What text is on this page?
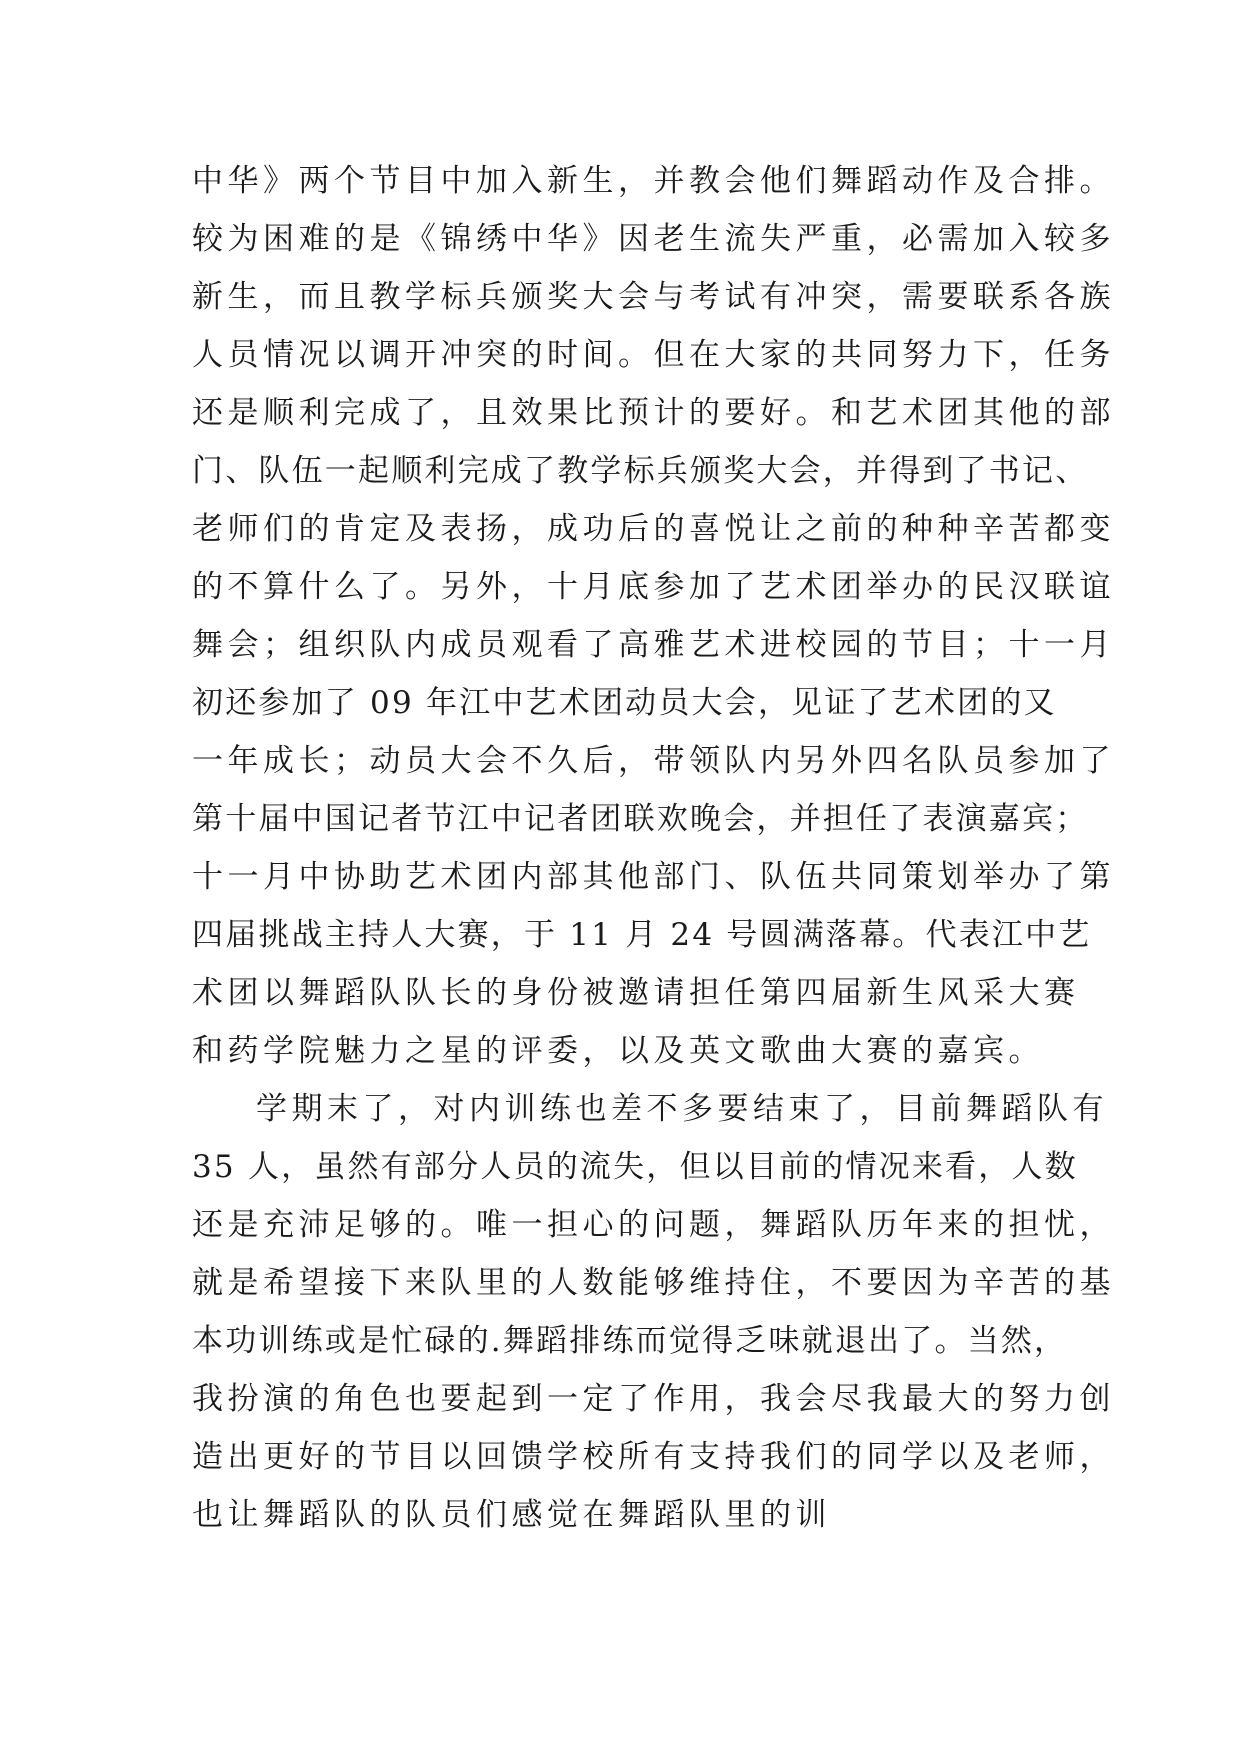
中华》两个节目中加入新生，并教会他们舞蹈动作及合排。
较为困难的是《锦绣中华》因老生流失严重，必需加入较多
新生，而且教学标兵颁奖大会与考试有冲突，需要联系各族
人员情况以调开冲突的时间。但在大家的共同努力下，任务
还是顺利完成了，且效果比预计的要好。和艺术团其他的部
门、队伍一起顺利完成了教学标兵颁奖大会，并得到了书记、
老师们的肯定及表扬，成功后的喜悦让之前的种种辛苦都变
的不算什么了。另外，十月底参加了艺术团举办的民汉联谊
舞会；组织队内成员观看了高雅艺术进校园的节目；十一月
初还参加了 09 年江中艺术团动员大会，见证了艺术团的又
一年成长；动员大会不久后，带领队内另外四名队员参加了
第十届中国记者节江中记者团联欢晚会，并担任了表演嘉宾；
十一月中协助艺术团内部其他部门、队伍共同策划举办了第
四届挑战主持人大赛，于 11 月 24 号圆满落幕。代表江中艺
术团以舞蹈队队长的身份被邀请担任第四届新生风采大赛
和药学院魅力之星的评委，以及英文歌曲大赛的嘉宾。
学期末了，对内训练也差不多要结束了，目前舞蹈队有
35 人，虽然有部分人员的流失，但以目前的情况来看，人数
还是充沛足够的。唯一担心的问题，舞蹈队历年来的担忧，
就是希望接下来队里的人数能够维持住，不要因为辛苦的基
本功训练或是忙碌的.舞蹈排练而觉得乏味就退出了。当然，
我扮演的角色也要起到一定了作用，我会尽我最大的努力创
造出更好的节目以回馈学校所有支持我们的同学以及老师，
也让舞蹈队的队员们感觉在舞蹈队里的训
